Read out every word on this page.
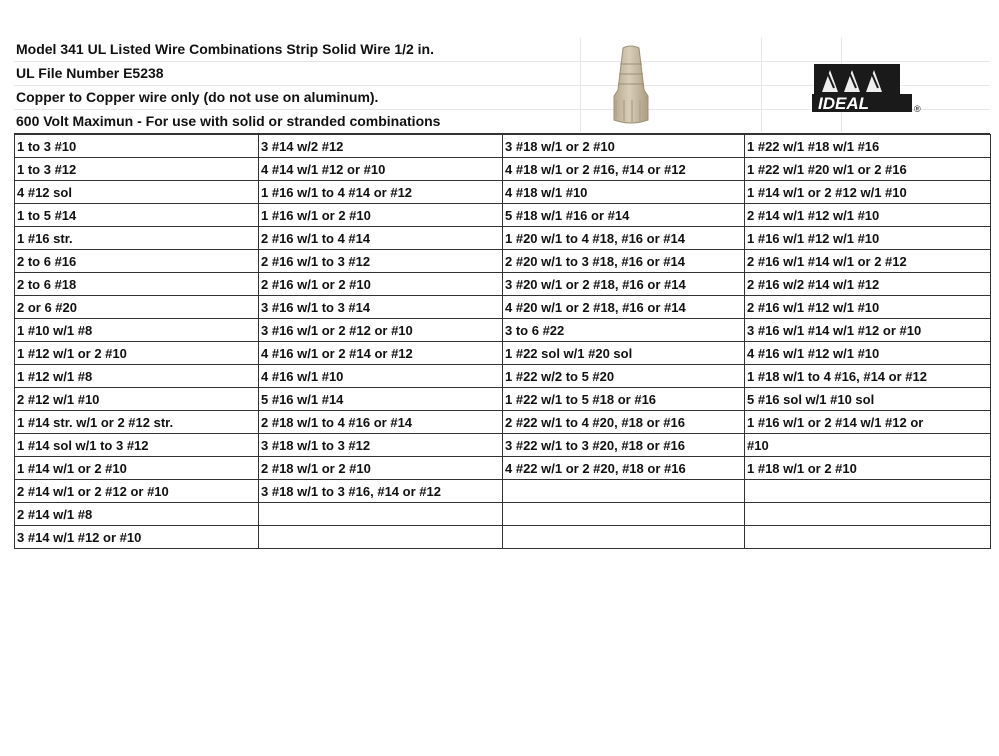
Model 341 UL Listed Wire Combinations Strip Solid Wire 1/2 in.
UL File Number E5238
Copper to Copper wire only (do not use on aluminum).
600 Volt Maximun - For use with solid or stranded combinations
IDEAL	®
1 to 3 #10	3 #14 w/2 #12	3 #18 w/1 or 2 #10	1 #22 w/1 #18 w/1 #16
1 to 3 #12	4 #14 w/1 #12 or #10	4 #18 w/1 or 2 #16, #14 or #12	1 #22 w/1 #20 w/1 or 2 #16
4 #12 sol	1 #16 w/1 to 4 #14 or #12	4 #18 w/1 #10	1 #14 w/1 or 2 #12 w/1 #10
1 to 5 #14	1 #16 w/1 or 2 #10	5 #18 w/1 #16 or #14	2 #14 w/1 #12 w/1 #10
1 #16 str.	2 #16 w/1 to 4 #14	1 #20 w/1 to 4 #18, #16 or #14	1 #16 w/1 #12 w/1 #10
2 to 6 #16	2 #16 w/1 to 3 #12	2 #20 w/1 to 3 #18, #16 or #14	2 #16 w/1 #14 w/1 or 2 #12
2 to 6 #18	2 #16 w/1 or 2 #10	3 #20 w/1 or 2 #18, #16 or #14	2 #16 w/2 #14 w/1 #12
2 or 6 #20	3 #16 w/1 to 3 #14	4 #20 w/1 or 2 #18, #16 or #14	2 #16 w/1 #12 w/1 #10
1 #10 w/1 #8	3 #16 w/1 or 2 #12 or #10	3 to 6 #22	3 #16 w/1 #14 w/1 #12 or #10
1 #12 w/1 or 2 #10	4 #16 w/1 or 2 #14 or #12	1 #22 sol w/1 #20 sol	4 #16 w/1 #12 w/1 #10
1 #12 w/1 #8	4 #16 w/1 #10	1 #22 w/2 to 5 #20	1 #18 w/1 to 4 #16, #14 or #12
2 #12 w/1 #10	5 #16 w/1 #14	1 #22 w/1 to 5 #18 or #16	5 #16 sol w/1 #10 sol
1 #14 str. w/1 or 2 #12 str.	2 #18 w/1 to 4 #16 or #14	2 #22 w/1 to 4 #20, #18 or #16	1 #16 w/1 or 2 #14 w/1 #12 or
1 #14 sol w/1 to 3 #12	3 #18 w/1 to 3 #12	3 #22 w/1 to 3 #20, #18 or #16	#10
1 #14 w/1 or 2 #10	2 #18 w/1 or 2 #10	4 #22 w/1 or 2 #20, #18 or #16	1 #18 w/1 or 2 #10
2 #14 w/1 or 2 #12 or #10	3 #18 w/1 to 3 #16, #14 or #12		
2 #14 w/1 #8			
3 #14 w/1 #12 or #10			
